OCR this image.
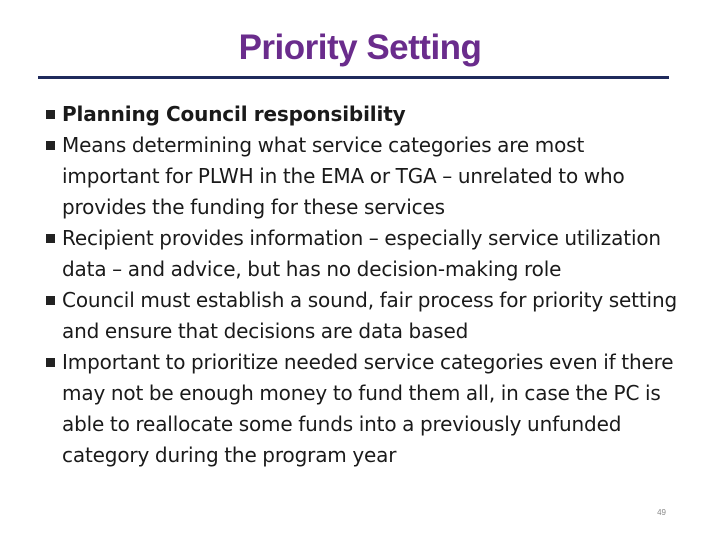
Priority Setting
Planning Council responsibility
Means determining what service categories are most important for PLWH in the EMA or TGA – unrelated to who provides the funding for these services
Recipient provides information – especially service utilization data – and advice, but has no decision-making role
Council must establish a sound, fair process for priority setting and ensure that decisions are data based
Important to prioritize needed service categories even if there may not be enough money to fund them all, in case the PC is able to reallocate some funds into a previously unfunded category during the program year
49
